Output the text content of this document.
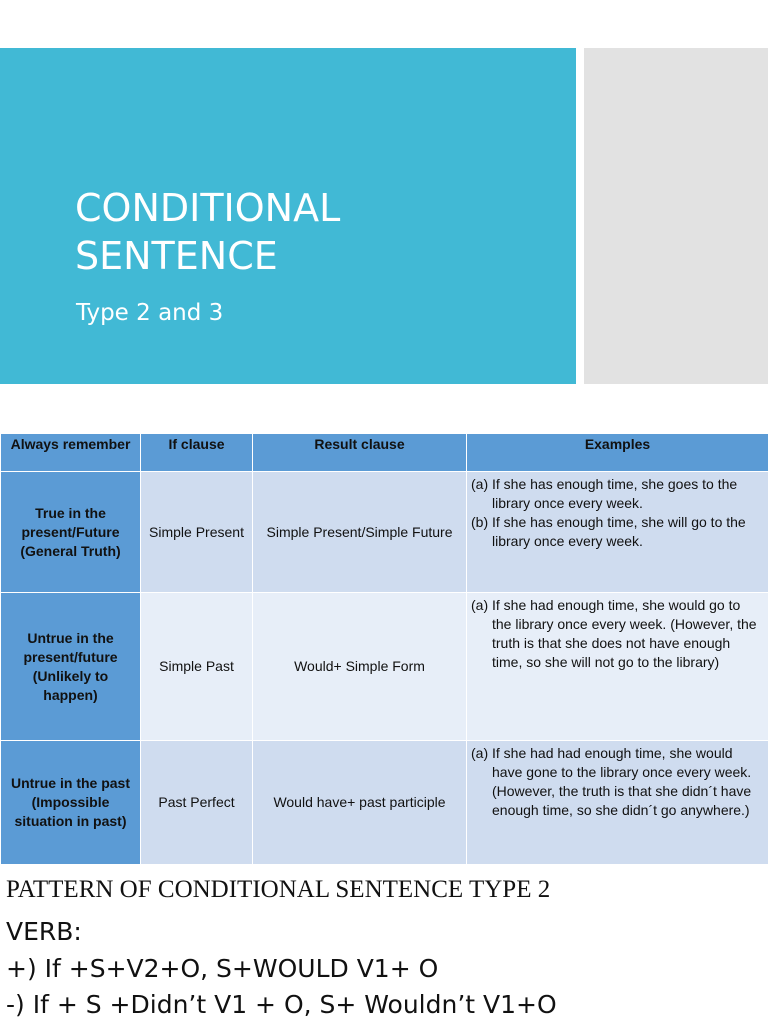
CONDITIONAL
SENTENCE
Type 2 and 3
Always remember	If clause	Result clause	Examples
True in the present/Future (General Truth)	Simple Present	Simple Present/Simple Future	(a) If she has enough time, she goes to the library once every week.
(b) If she has enough time, she will go to the library once every week.

Untrue in the present/future (Unlikely to happen)	Simple Past	Would+ Simple Form	(a) If she had enough time, she would go to the library once every week. (However, the truth is that she does not have enough time, so she will not go to the library)

Untrue in the past (Impossible situation in past)	Past Perfect	Would have+ past participle	(a) If she had had enough time, she would have gone to the library once every week. (However, the truth is that she didn´t have enough time, so she didn´t go anywhere.)
PATTERN OF CONDITIONAL SENTENCE TYPE 2
VERB:
+) If +S+V2+O, S+WOULD V1+ O
-) If + S +Didn’t V1 + O, S+ Wouldn’t V1+O
